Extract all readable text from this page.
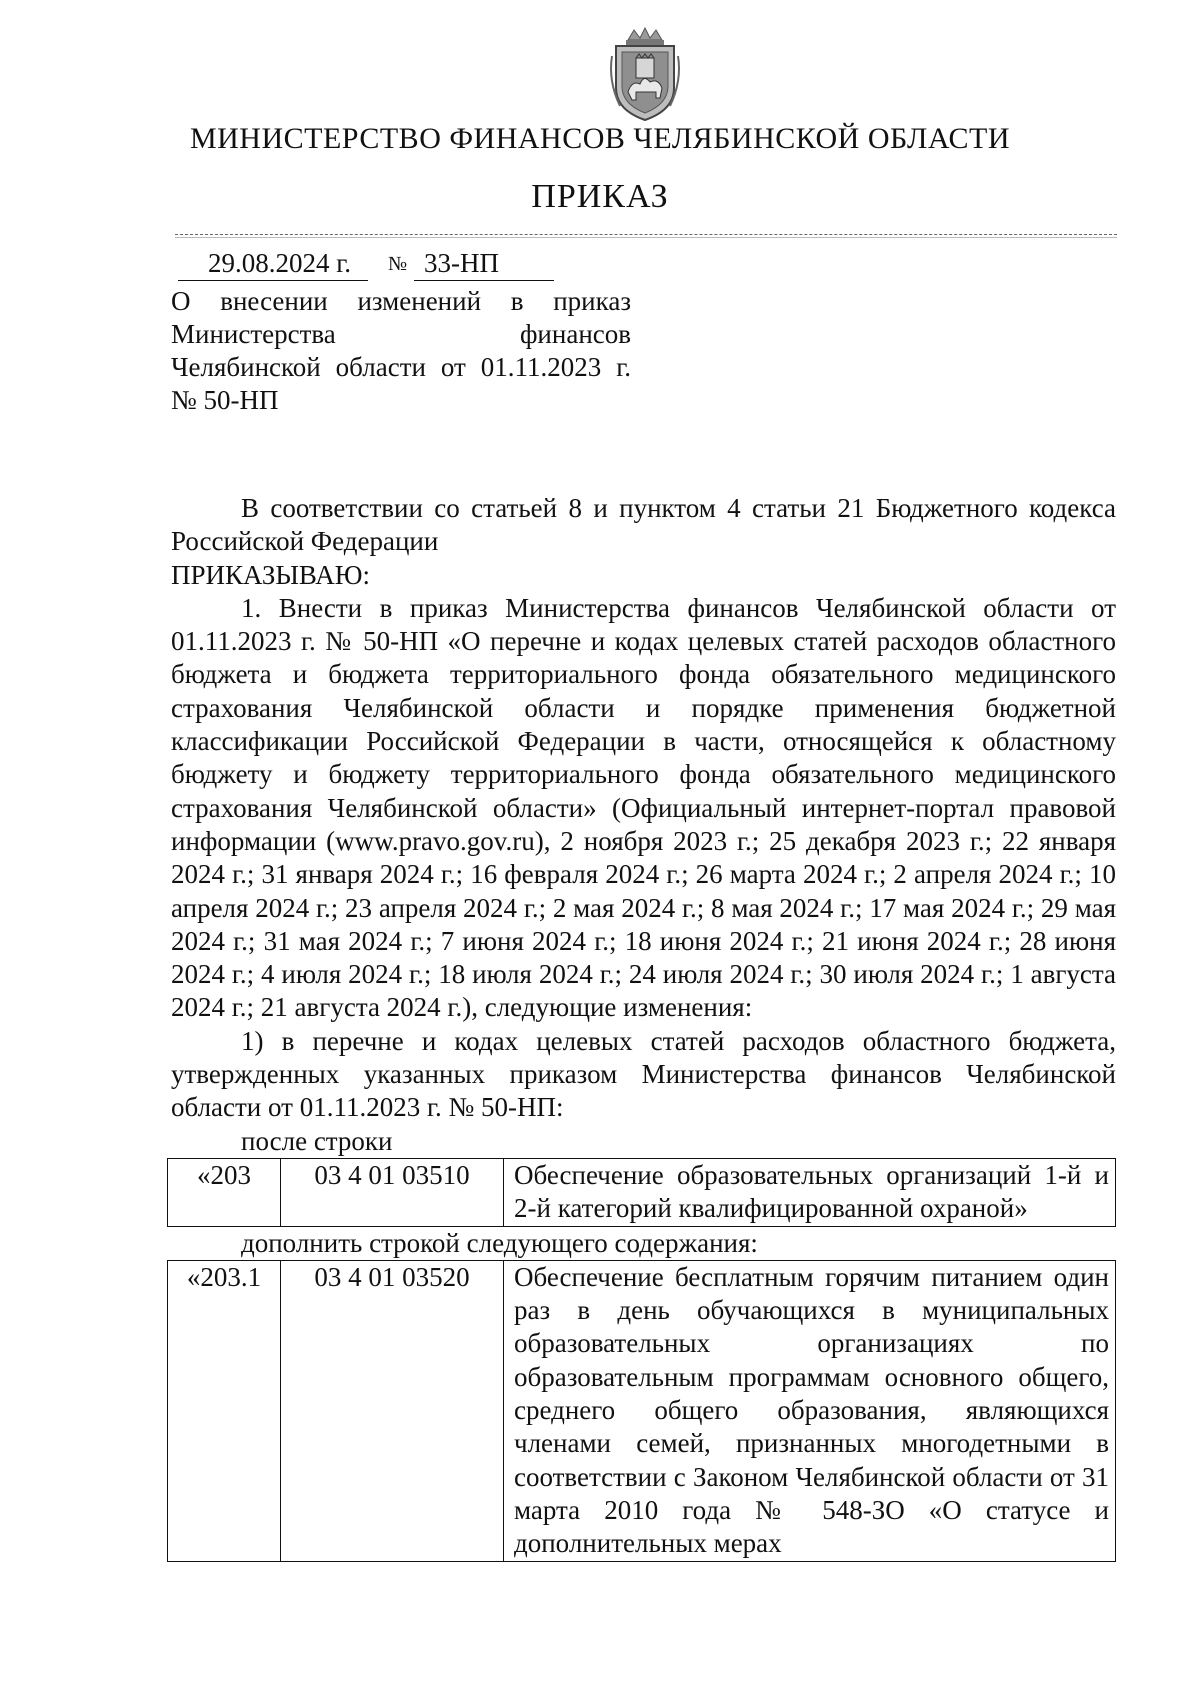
МИНИСТЕРСТВО ФИНАНСОВ ЧЕЛЯБИНСКОЙ ОБЛАСТИ
ПРИКАЗ
29.08.2024 г. № 33-НП
О внесении изменений в приказ
Министерства финансов
Челябинской области от 01.11.2023 г.
№ 50-НП

В соответствии со статьей 8 и пунктом 4 статьи 21 Бюджетного кодекса Российской Федерации

ПРИКАЗЫВАЮ:

1. Внести в приказ Министерства финансов Челябинской области от 01.11.2023 г. № 50-НП «О перечне и кодах целевых статей расходов областного бюджета и бюджета территориального фонда обязательного медицинского страхования Челябинской области и порядке применения бюджетной классификации Российской Федерации в части, относящейся к областному бюджету и бюджету территориального фонда обязательного медицинского страхования Челябинской области» (Официальный интернет-портал правовой информации (www.pravo.gov.ru), 2 ноября 2023 г.; 25 декабря 2023 г.; 22 января 2024 г.; 31 января 2024 г.; 16 февраля 2024 г.; 26 марта 2024 г.; 2 апреля 2024 г.; 10 апреля 2024 г.; 23 апреля 2024 г.; 2 мая 2024 г.; 8 мая 2024 г.; 17 мая 2024 г.; 29 мая 2024 г.; 31 мая 2024 г.; 7 июня 2024 г.; 18 июня 2024 г.; 21 июня 2024 г.; 28 июня 2024 г.; 4 июля 2024 г.; 18 июля 2024 г.; 24 июля 2024 г.; 30 июля 2024 г.; 1 августа 2024 г.; 21 августа 2024 г.), следующие изменения:

1) в перечне и кодах целевых статей расходов областного бюджета, утвержденных указанных приказом Министерства финансов Челябинской области от 01.11.2023 г. № 50-НП:

после строки

«203	03 4 01 03510	Обеспечение образовательных организаций 1-й и 2-й категорий квалифицированной охраной»

дополнить строкой следующего содержания:

«203.1	03 4 01 03520	Обеспечение бесплатным горячим питанием один раз в день обучающихся в муниципальных образовательных организациях по образовательным программам основного общего, среднего общего образования, являющихся членами семей, признанных многодетными в соответствии с Законом Челябинской области от 31 марта 2010 года № 548-ЗО «О статусе и дополнительных мерах
